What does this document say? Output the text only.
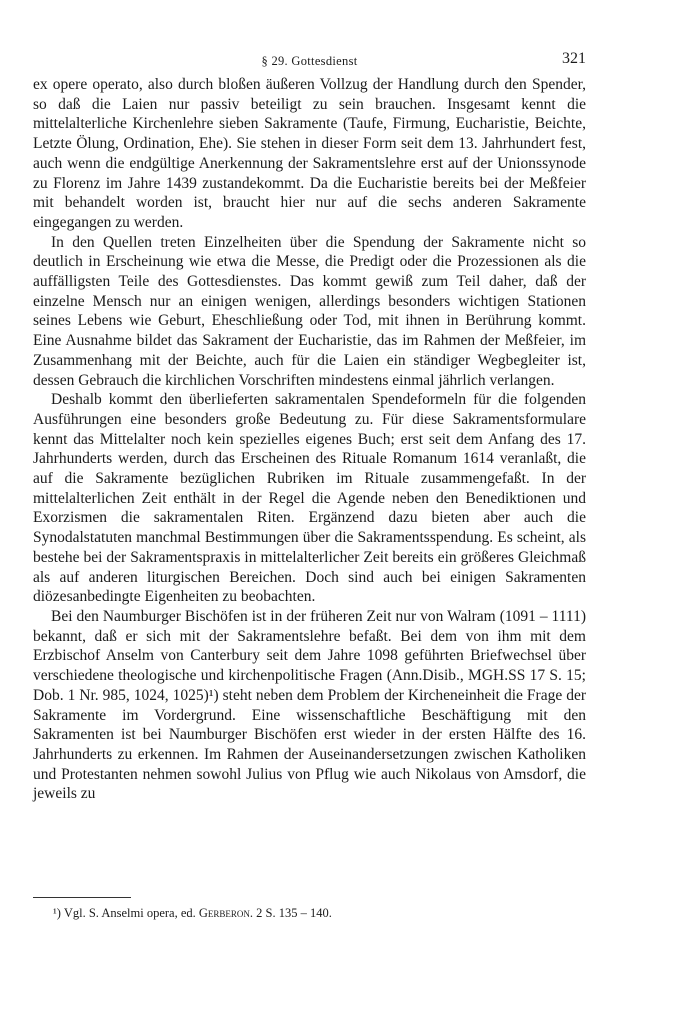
§ 29. Gottesdienst	321

ex opere operato, also durch bloßen äußeren Vollzug der Handlung durch den Spender, so daß die Laien nur passiv beteiligt zu sein brauchen. Insgesamt kennt die mittelalterliche Kirchenlehre sieben Sakramente (Taufe, Firmung, Eucharistie, Beichte, Letzte Ölung, Ordination, Ehe). Sie stehen in dieser Form seit dem 13. Jahrhundert fest, auch wenn die endgültige Anerkennung der Sakramentslehre erst auf der Unionssynode zu Florenz im Jahre 1439 zustandekommt. Da die Eucharistie bereits bei der Meßfeier mit behandelt worden ist, braucht hier nur auf die sechs anderen Sakramente eingegangen zu werden.

In den Quellen treten Einzelheiten über die Spendung der Sakramente nicht so deutlich in Erscheinung wie etwa die Messe, die Predigt oder die Prozessionen als die auffälligsten Teile des Gottesdienstes. Das kommt gewiß zum Teil daher, daß der einzelne Mensch nur an einigen wenigen, allerdings besonders wichtigen Stationen seines Lebens wie Geburt, Eheschließung oder Tod, mit ihnen in Berührung kommt. Eine Ausnahme bildet das Sakrament der Eucharistie, das im Rahmen der Meßfeier, im Zusammenhang mit der Beichte, auch für die Laien ein ständiger Wegbegleiter ist, dessen Gebrauch die kirchlichen Vorschriften mindestens einmal jährlich verlangen.

Deshalb kommt den überlieferten sakramentalen Spendeformeln für die folgenden Ausführungen eine besonders große Bedeutung zu. Für diese Sakramentsformulare kennt das Mittelalter noch kein spezielles eigenes Buch; erst seit dem Anfang des 17. Jahrhunderts werden, durch das Erscheinen des Rituale Romanum 1614 veranlaßt, die auf die Sakramente bezüglichen Rubriken im Rituale zusammengefaßt. In der mittelalterlichen Zeit enthält in der Regel die Agende neben den Benediktionen und Exorzismen die sakramentalen Riten. Ergänzend dazu bieten aber auch die Synodalstatuten manchmal Bestimmungen über die Sakramentsspendung. Es scheint, als bestehe bei der Sakramentspraxis in mittelalterlicher Zeit bereits ein größeres Gleichmaß als auf anderen liturgischen Bereichen. Doch sind auch bei einigen Sakramenten diözesanbedingte Eigenheiten zu beobachten.

Bei den Naumburger Bischöfen ist in der früheren Zeit nur von Walram (1091 – 1111) bekannt, daß er sich mit der Sakramentslehre befaßt. Bei dem von ihm mit dem Erzbischof Anselm von Canterbury seit dem Jahre 1098 geführten Briefwechsel über verschiedene theologische und kirchenpolitische Fragen (Ann.Disib., MGH.SS 17 S. 15; Dob. 1 Nr. 985, 1024, 1025)¹) steht neben dem Problem der Kircheneinheit die Frage der Sakramente im Vordergrund. Eine wissenschaftliche Beschäftigung mit den Sakramenten ist bei Naumburger Bischöfen erst wieder in der ersten Hälfte des 16. Jahrhunderts zu erkennen. Im Rahmen der Auseinandersetzungen zwischen Katholiken und Protestanten nehmen sowohl Julius von Pflug wie auch Nikolaus von Amsdorf, die jeweils zu

¹) Vgl. S. Anselmi opera, ed. Gerberon. 2 S. 135 – 140.
